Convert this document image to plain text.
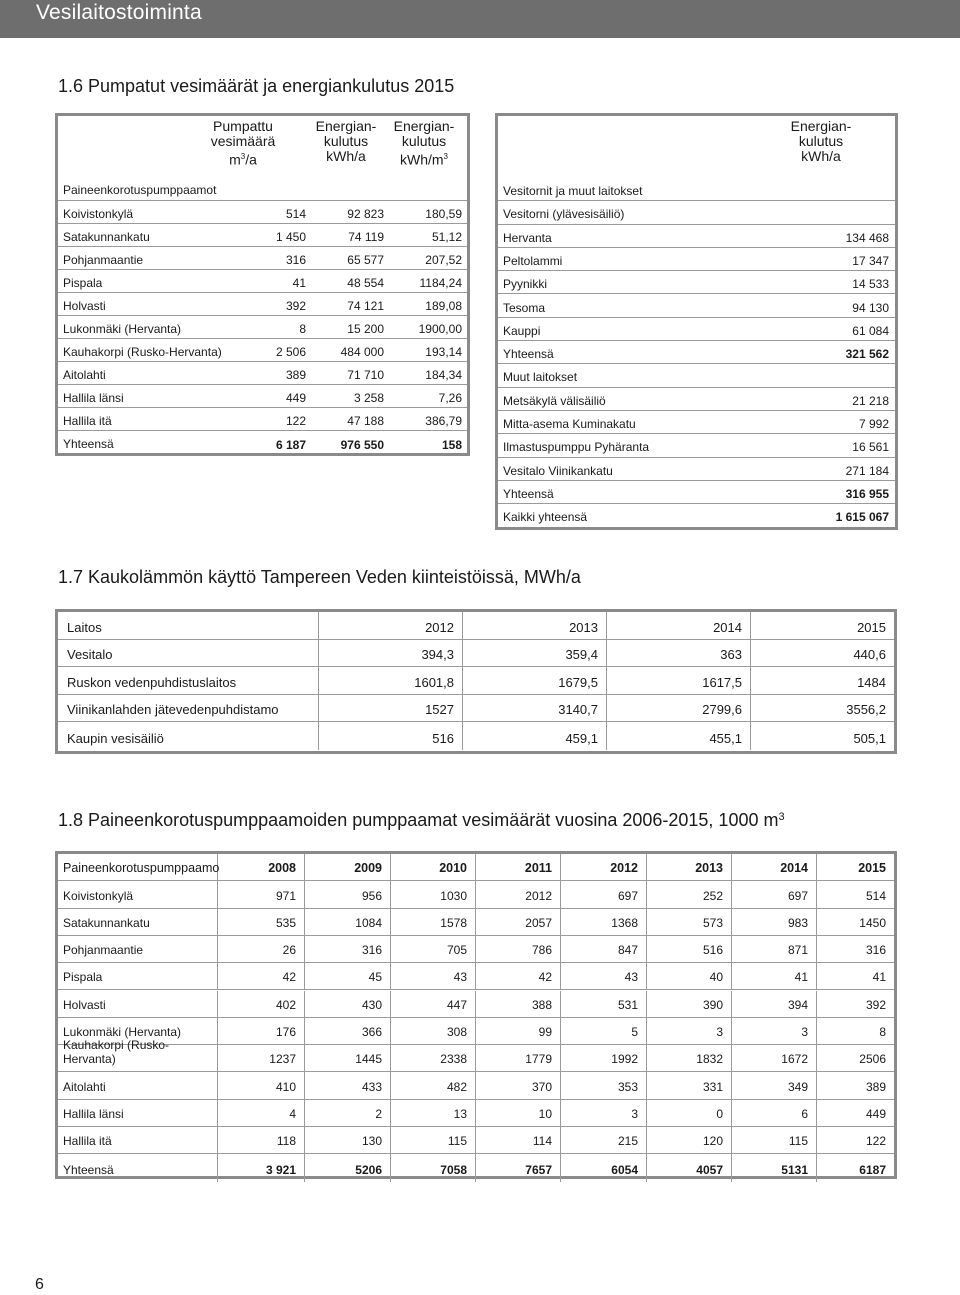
Vesilaitostoiminta
1.6 Pumpatut vesimäärät ja energiankulutus 2015
Pumpattu
vesimäärä
$m^3/a$
Energian-
kulutus
kWh/a
Energian-
kulutus
kWh/$m^3$
Paineenkorotuspumppaamot
Koivistonkylä	514	92 823	180,59
Satakunnankatu	1 450	74 119	51,12
Pohjanmaantie	316	65 577	207,52
Pispala	41	48 554	1184,24
Holvasti	392	74 121	189,08
Lukonmäki (Hervanta)	8	15 200	1900,00
Kauhakorpi (Rusko-Hervanta)	2 506	484 000	193,14
Aitolahti	389	71 710	184,34
Hallila länsi	449	3 258	7,26
Hallila itä	122	47 188	386,79
Yhteensä	6 187	976 550	158
Energian-
kulutus
kWh/a
Vesitornit ja muut laitokset
Vesitorni (ylävesisäiliö)
Hervanta	134 468
Peltolammi	17 347
Pyynikki	14 533
Tesoma	94 130
Kauppi	61 084
Yhteensä	321 562
Muut laitokset
Metsäkylä välisäiliö	21 218
Mitta-asema Kuminakatu	7 992
Ilmastuspumppu Pyhäranta	16 561
Vesitalo Viinikankatu	271 184
Yhteensä	316 955
Kaikki yhteensä	1 615 067
1.7 Kaukolämmön käyttö Tampereen Veden kiinteistöissä, MWh/a
Laitos	2012	2013	2014	2015
Vesitalo	394,3	359,4	363	440,6
Ruskon vedenpuhdistuslaitos	1601,8	1679,5	1617,5	1484
Viinikanlahden jätevedenpuhdistamo	1527	3140,7	2799,6	3556,2
Kaupin vesisäiliö	516	459,1	455,1	505,1
1.8 Paineenkorotuspumppaamoiden pumppaamat vesimäärät vuosina 2006-2015, 1000 $m^3$
Paineenkorotuspumppaamo	2008	2009	2010	2011	2012	2013	2014	2015
Koivistonkylä	971	956	1030	2012	697	252	697	514
Satakunnankatu	535	1084	1578	2057	1368	573	983	1450
Pohjanmaantie	26	316	705	786	847	516	871	316
Pispala	42	45	43	42	43	40	41	41
Holvasti	402	430	447	388	531	390	394	392
Lukonmäki (Hervanta)	176	366	308	99	5	3	3	8
Kauhakorpi (Rusko-Hervanta)	1237	1445	2338	1779	1992	1832	1672	2506
Aitolahti	410	433	482	370	353	331	349	389
Hallila länsi	4	2	13	10	3	0	6	449
Hallila itä	118	130	115	114	215	120	115	122
Yhteensä	3 921	5206	7058	7657	6054	4057	5131	6187
6
